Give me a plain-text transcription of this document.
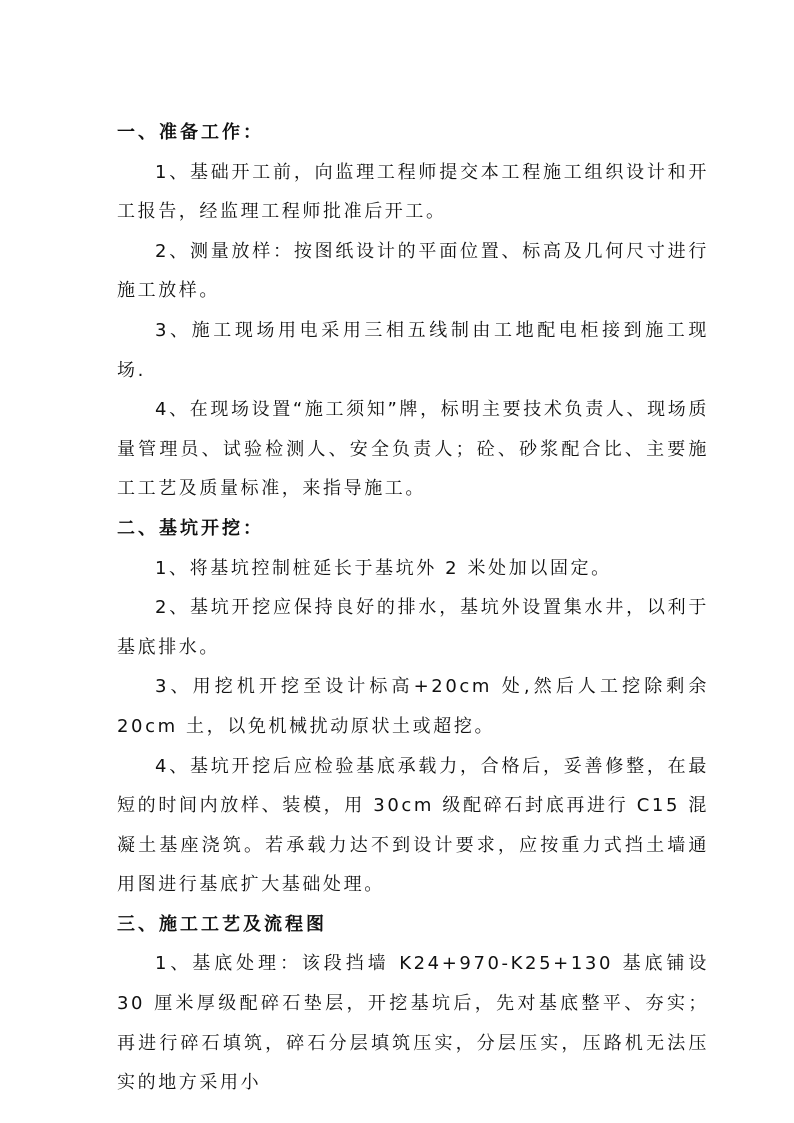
一、准备工作：

1、基础开工前，向监理工程师提交本工程施工组织设计和开工报告，经监理工程师批准后开工。

2、测量放样：按图纸设计的平面位置、标高及几何尺寸进行施工放样。

3、施工现场用电采用三相五线制由工地配电柜接到施工现场.

4、在现场设置“施工须知”牌，标明主要技术负责人、现场质量管理员、试验检测人、安全负责人；砼、砂浆配合比、主要施工工艺及质量标准，来指导施工。

二、基坑开挖：

1、将基坑控制桩延长于基坑外 2 米处加以固定。

2、基坑开挖应保持良好的排水，基坑外设置集水井，以利于基底排水。

3、用挖机开挖至设计标高+20cm 处,然后人工挖除剩余 20cm 土，以免机械扰动原状土或超挖。

4、基坑开挖后应检验基底承载力，合格后，妥善修整，在最短的时间内放样、装模，用 30cm 级配碎石封底再进行 C15 混凝土基座浇筑。若承载力达不到设计要求，应按重力式挡土墙通用图进行基底扩大基础处理。

三、施工工艺及流程图

1、基底处理：该段挡墙 K24+970-K25+130 基底铺设 30 厘米厚级配碎石垫层，开挖基坑后，先对基底整平、夯实；再进行碎石填筑，碎石分层填筑压实，分层压实，压路机无法压实的地方采用小
